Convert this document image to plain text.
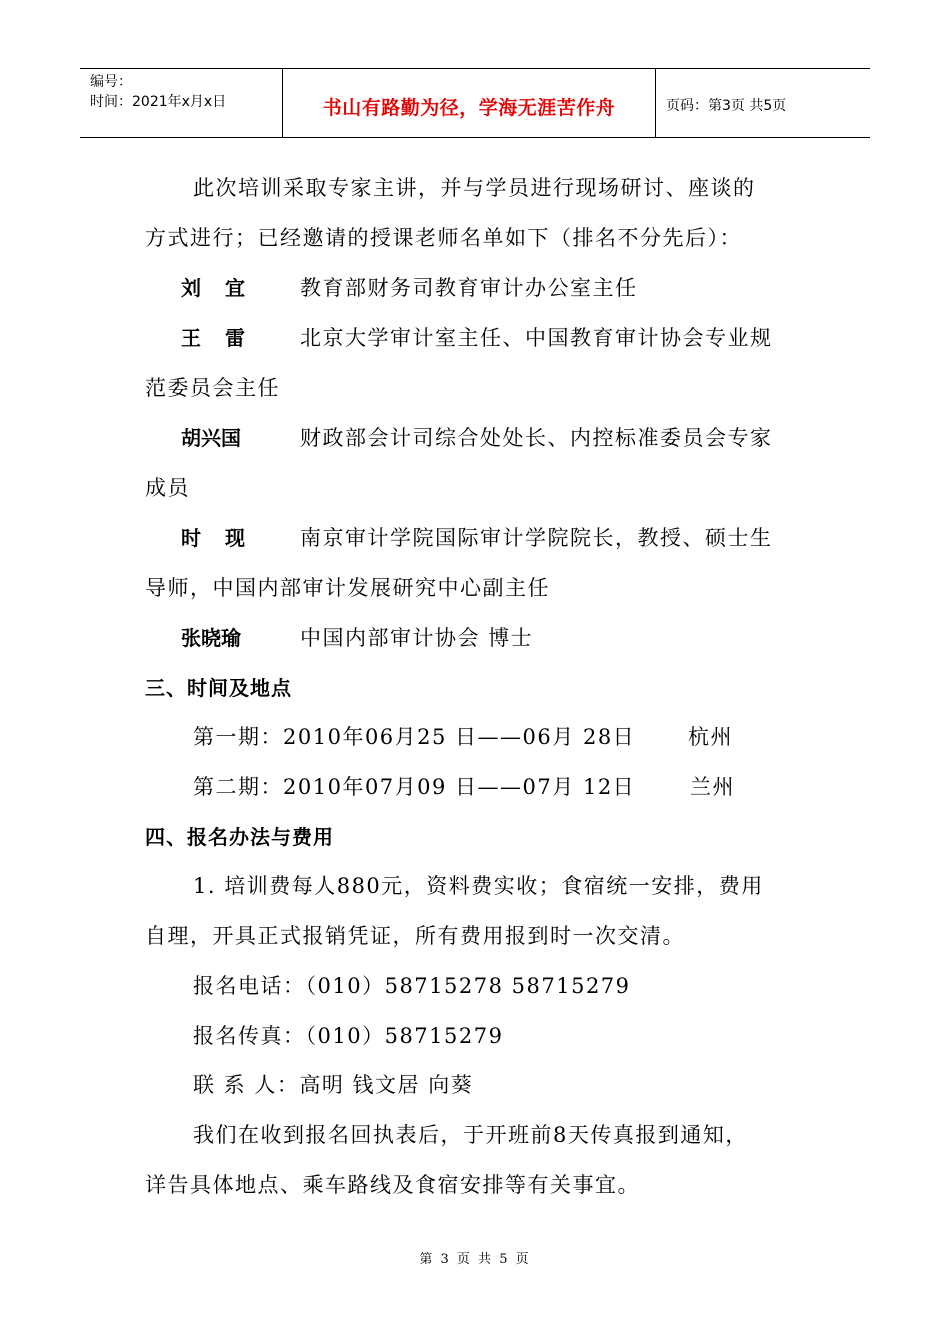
编号：
时间：2021年x月x日	书山有路勤为径，学海无涯苦作舟	页码：第3页 共5页
此次培训采取专家主讲，并与学员进行现场研讨、座谈的
方式进行；已经邀请的授课老师名单如下（排名不分先后）：
刘宜 教育部财务司教育审计办公室主任
王雷 北京大学审计室主任、中国教育审计协会专业规
范委员会主任
胡兴国	财政部会计司综合处处长、内控标准委员会专家
成员
时现 南京审计学院国际审计学院院长，教授、硕士生
导师，中国内部审计发展研究中心副主任
张晓瑜	中国内部审计协会 博士
三、时间及地点
第一期：2010年06月25 日——06月 28日	杭州
第二期：2010年07月09 日——07月 12日	兰州
四、报名办法与费用
1. 培训费每人880元，资料费实收；食宿统一安排，费用
自理，开具正式报销凭证，所有费用报到时一次交清。
报名电话：（010）58715278 58715279
报名传真：（010）58715279
联 系 人：高明 钱文居 向葵
我们在收到报名回执表后，于开班前8天传真报到通知，
详告具体地点、乘车路线及食宿安排等有关事宜。
第 3 页 共 5 页
